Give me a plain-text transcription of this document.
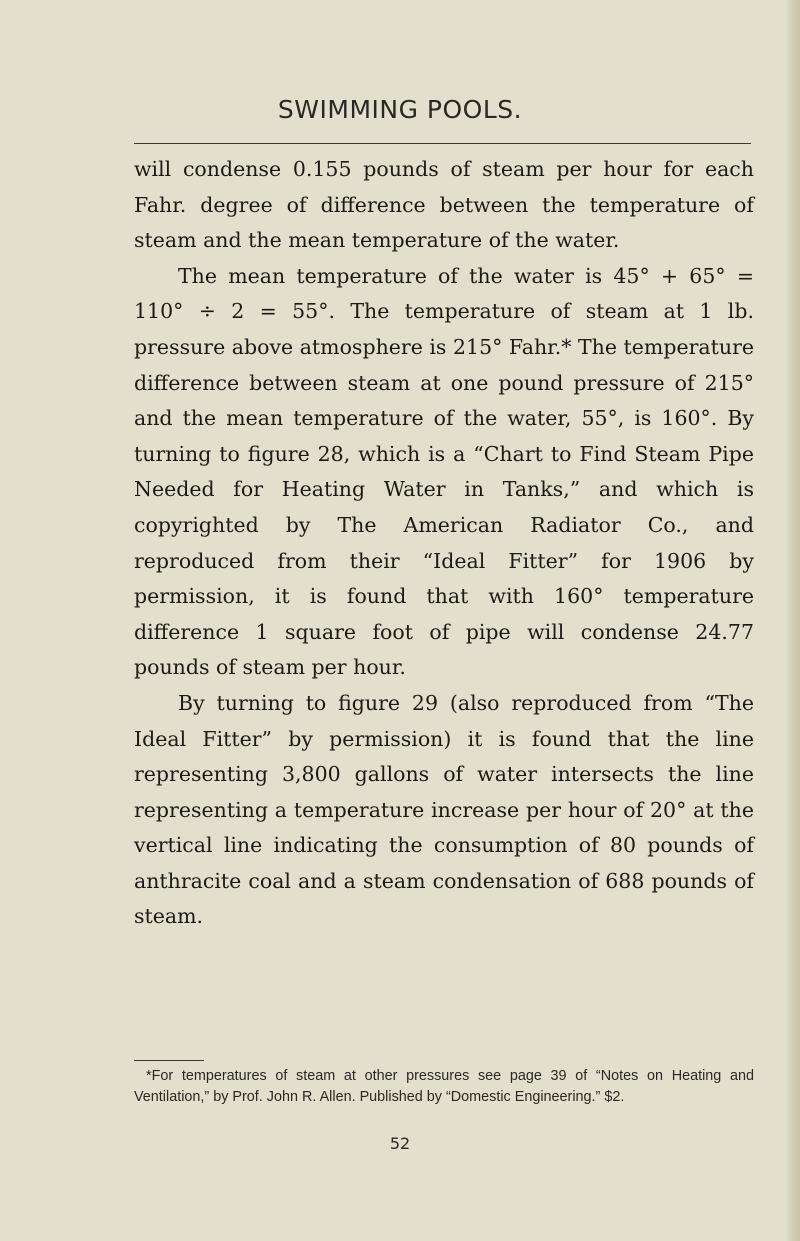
SWIMMING POOLS.

will condense 0.155 pounds of steam per hour for each Fahr. degree of difference between the temperature of steam and the mean temperature of the water.

The mean temperature of the water is 45° + 65° = 110° ÷ 2 = 55°. The temperature of steam at 1 lb. pressure above atmosphere is 215° Fahr.* The temperature difference between steam at one pound pressure of 215° and the mean temperature of the water, 55°, is 160°. By turning to figure 28, which is a “Chart to Find Steam Pipe Needed for Heating Water in Tanks,” and which is copyrighted by The American Radiator Co., and reproduced from their “Ideal Fitter” for 1906 by permission, it is found that with 160° temperature difference 1 square foot of pipe will condense 24.77 pounds of steam per hour.

By turning to figure 29 (also reproduced from “The Ideal Fitter” by permission) it is found that the line representing 3,800 gallons of water intersects the line representing a temperature increase per hour of 20° at the vertical line indicating the consumption of 80 pounds of anthracite coal and a steam condensation of 688 pounds of steam.

*For temperatures of steam at other pressures see page 39 of “Notes on Heating and Ventilation,” by Prof. John R. Allen. Published by “Domestic Engineering.” $2.

52
